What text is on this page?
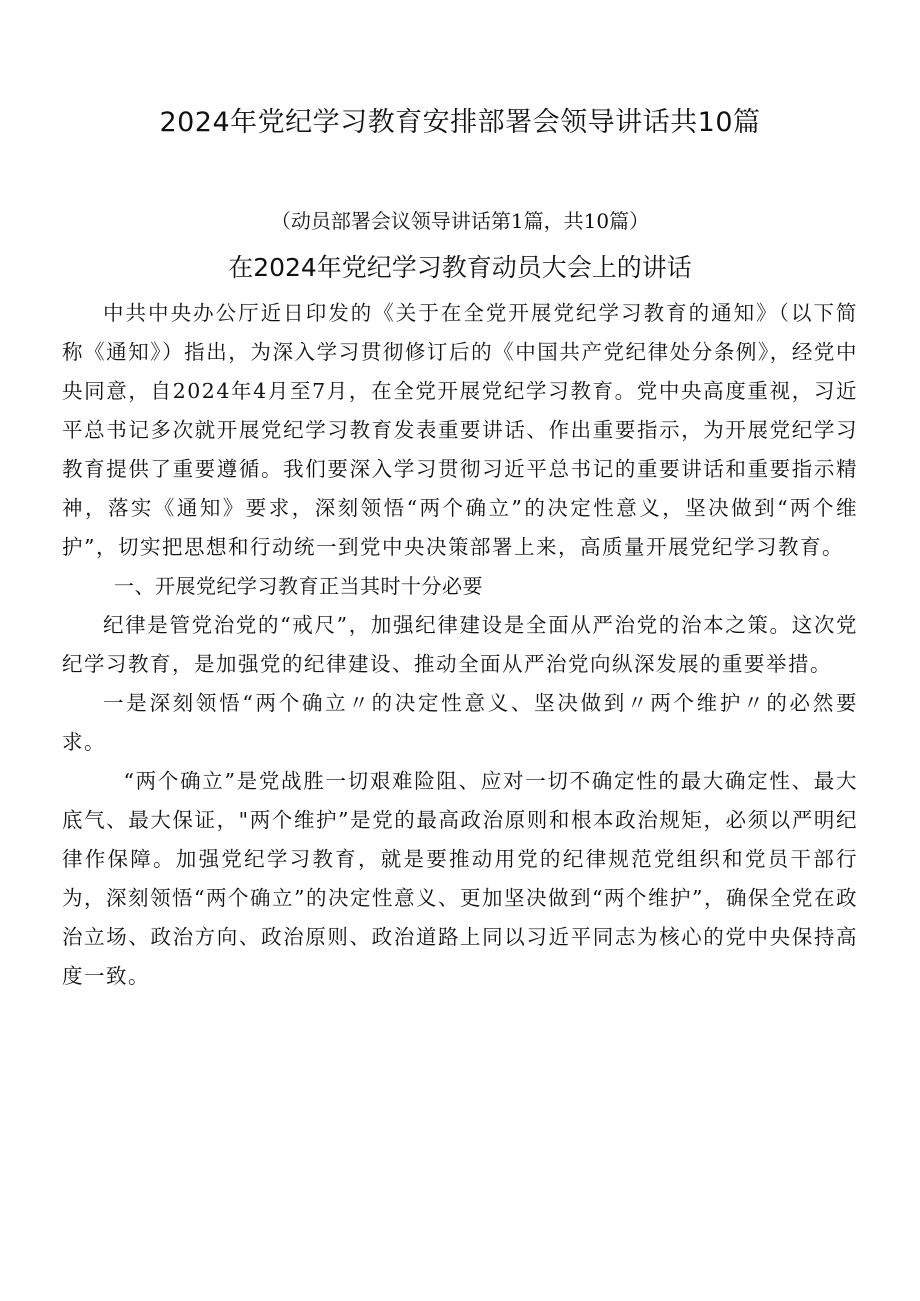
2024年党纪学习教育安排部署会领导讲话共10篇
（动员部署会议领导讲话第1篇，共10篇）
在2024年党纪学习教育动员大会上的讲话

中共中央办公厅近日印发的《关于在全党开展党纪学习教育的通知》（以下简称《通知》）指出，为深入学习贯彻修订后的《中国共产党纪律处分条例》，经党中央同意，自2024年4月至7月，在全党开展党纪学习教育。党中央高度重视，习近平总书记多次就开展党纪学习教育发表重要讲话、作出重要指示，为开展党纪学习教育提供了重要遵循。我们要深入学习贯彻习近平总书记的重要讲话和重要指示精神，落实《通知》要求，深刻领悟“两个确立”的决定性意义，坚决做到“两个维护”，切实把思想和行动统一到党中央决策部署上来，高质量开展党纪学习教育。

一、开展党纪学习教育正当其时十分必要

纪律是管党治党的“戒尺”，加强纪律建设是全面从严治党的治本之策。这次党纪学习教育，是加强党的纪律建设、推动全面从严治党向纵深发展的重要举措。

一是深刻领悟“两个确立〃的决定性意义、坚决做到〃两个维护〃的必然要求。

“两个确立”是党战胜一切艰难险阻、应对一切不确定性的最大确定性、最大底气、最大保证，"两个维护”是党的最高政治原则和根本政治规矩，必须以严明纪律作保障。加强党纪学习教育，就是要推动用党的纪律规范党组织和党员干部行为，深刻领悟“两个确立”的决定性意义、更加坚决做到“两个维护”，确保全党在政治立场、政治方向、政治原则、政治道路上同以习近平同志为核心的党中央保持高度一致。
